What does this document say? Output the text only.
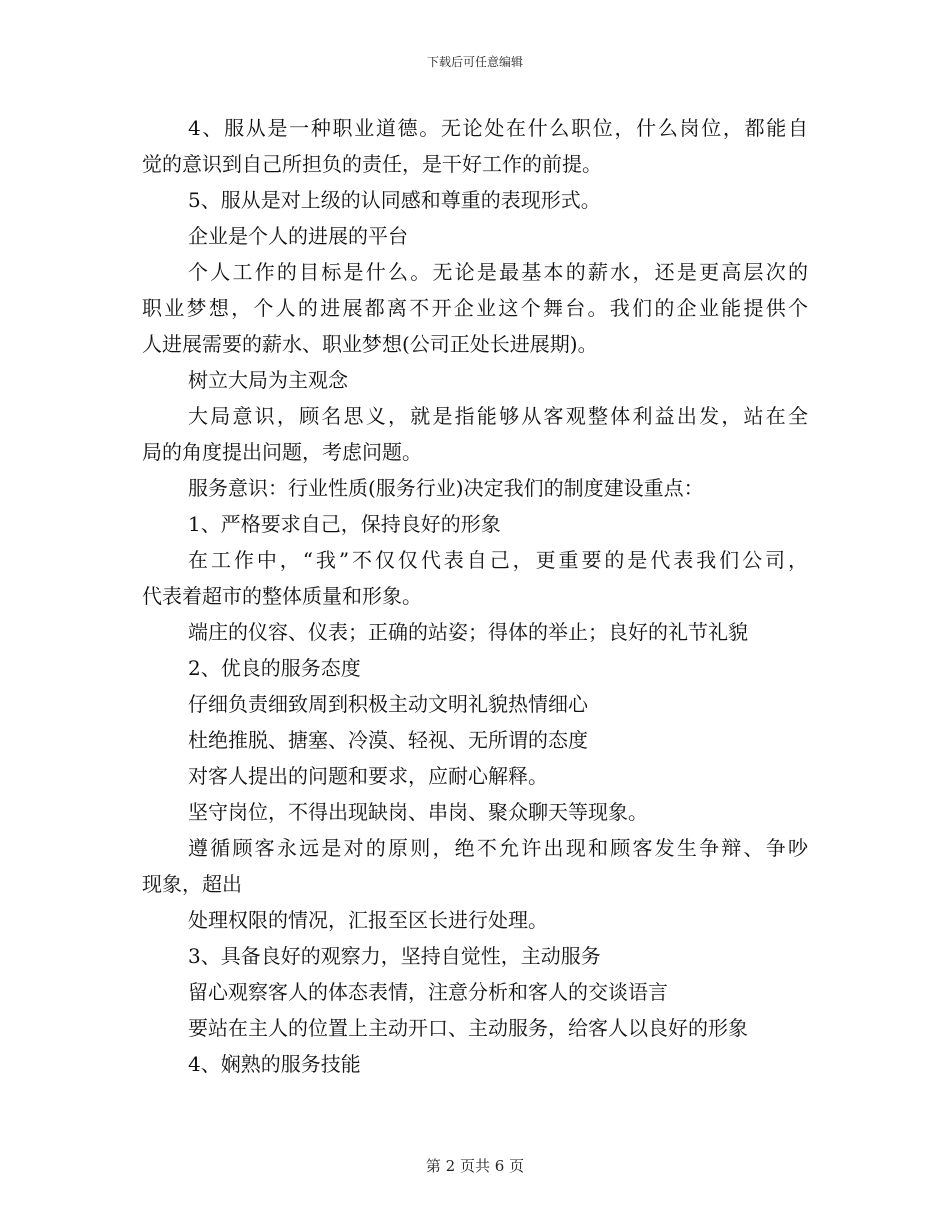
下载后可任意编辑
4、服从是一种职业道德。无论处在什么职位，什么岗位，都能自
觉的意识到自己所担负的责任，是干好工作的前提。
5、服从是对上级的认同感和尊重的表现形式。
企业是个人的进展的平台
个人工作的目标是什么。无论是最基本的薪水，还是更高层次的
职业梦想，个人的进展都离不开企业这个舞台。我们的企业能提供个
人进展需要的薪水、职业梦想(公司正处长进展期)。
树立大局为主观念
大局意识，顾名思义，就是指能够从客观整体利益出发，站在全
局的角度提出问题，考虑问题。
服务意识：行业性质(服务行业)决定我们的制度建设重点：
1、严格要求自己，保持良好的形象
在工作中，“我”不仅仅代表自己，更重要的是代表我们公司，
代表着超市的整体质量和形象。
端庄的仪容、仪表；正确的站姿；得体的举止；良好的礼节礼貌
2、优良的服务态度
仔细负责细致周到积极主动文明礼貌热情细心
杜绝推脱、搪塞、冷漠、轻视、无所谓的态度
对客人提出的问题和要求，应耐心解释。
坚守岗位，不得出现缺岗、串岗、聚众聊天等现象。
遵循顾客永远是对的原则，绝不允许出现和顾客发生争辩、争吵
现象，超出
处理权限的情况，汇报至区长进行处理。
3、具备良好的观察力，坚持自觉性，主动服务
留心观察客人的体态表情，注意分析和客人的交谈语言
要站在主人的位置上主动开口、主动服务，给客人以良好的形象
4、娴熟的服务技能
第 2 页共 6 页
